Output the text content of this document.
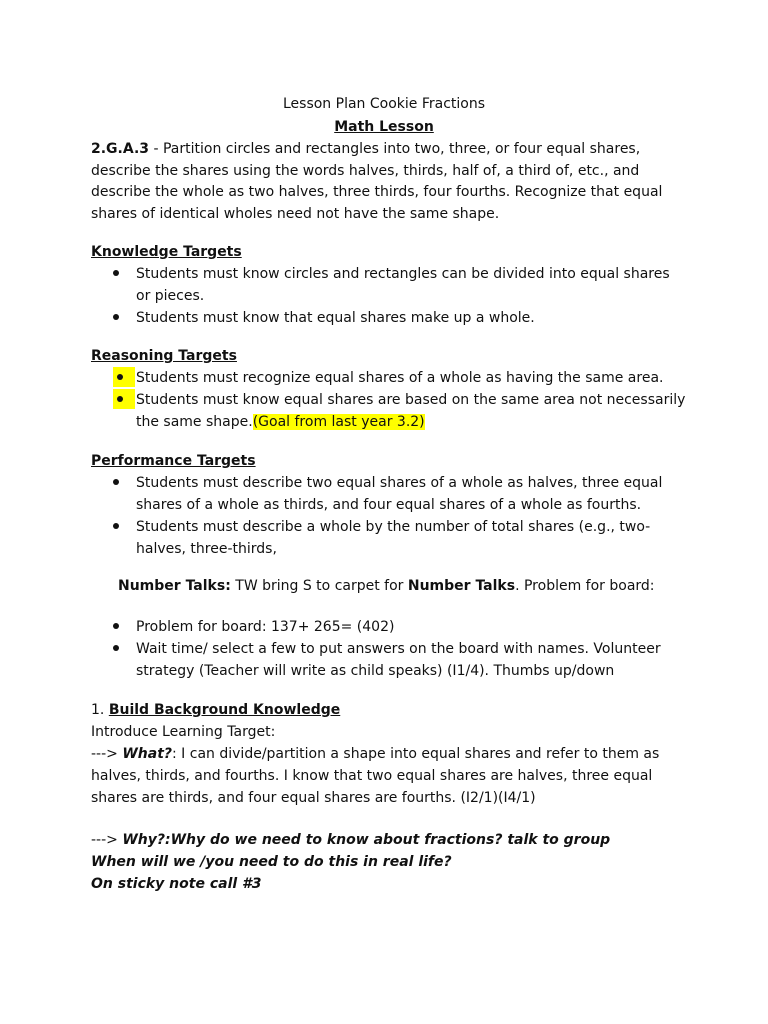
Lesson Plan Cookie Fractions
Math Lesson
2.G.A.3 - Partition circles and rectangles into two, three, or four equal shares,
describe the shares using the words halves, thirds, half of, a third of, etc., and
describe the whole as two halves, three thirds, four fourths. Recognize that equal
shares of identical wholes need not have the same shape.
Knowledge Targets
Students must know circles and rectangles can be divided into equal shares
or pieces.
Students must know that equal shares make up a whole.
Reasoning Targets
Students must recognize equal shares of a whole as having the same area.
Students must know equal shares are based on the same area not necessarily
the same shape.(Goal from last year 3.2)
Performance Targets
Students must describe two equal shares of a whole as halves, three equal
shares of a whole as thirds, and four equal shares of a whole as fourths.
Students must describe a whole by the number of total shares (e.g., two-
halves, three-thirds,
Number Talks: TW bring S to carpet for Number Talks. Problem for board:
Problem for board: 137+ 265= (402)
Wait time/ select a few to put answers on the board with names. Volunteer
strategy (Teacher will write as child speaks) (I1/4). Thumbs up/down
1. Build Background Knowledge
Introduce Learning Target:
---> What?: I can divide/partition a shape into equal shares and refer to them as
halves, thirds, and fourths. I know that two equal shares are halves, three equal
shares are thirds, and four equal shares are fourths. (I2/1)(I4/1)
---> Why?:Why do we need to know about fractions? talk to group
When will we /you need to do this in real life?
On sticky note call #3
